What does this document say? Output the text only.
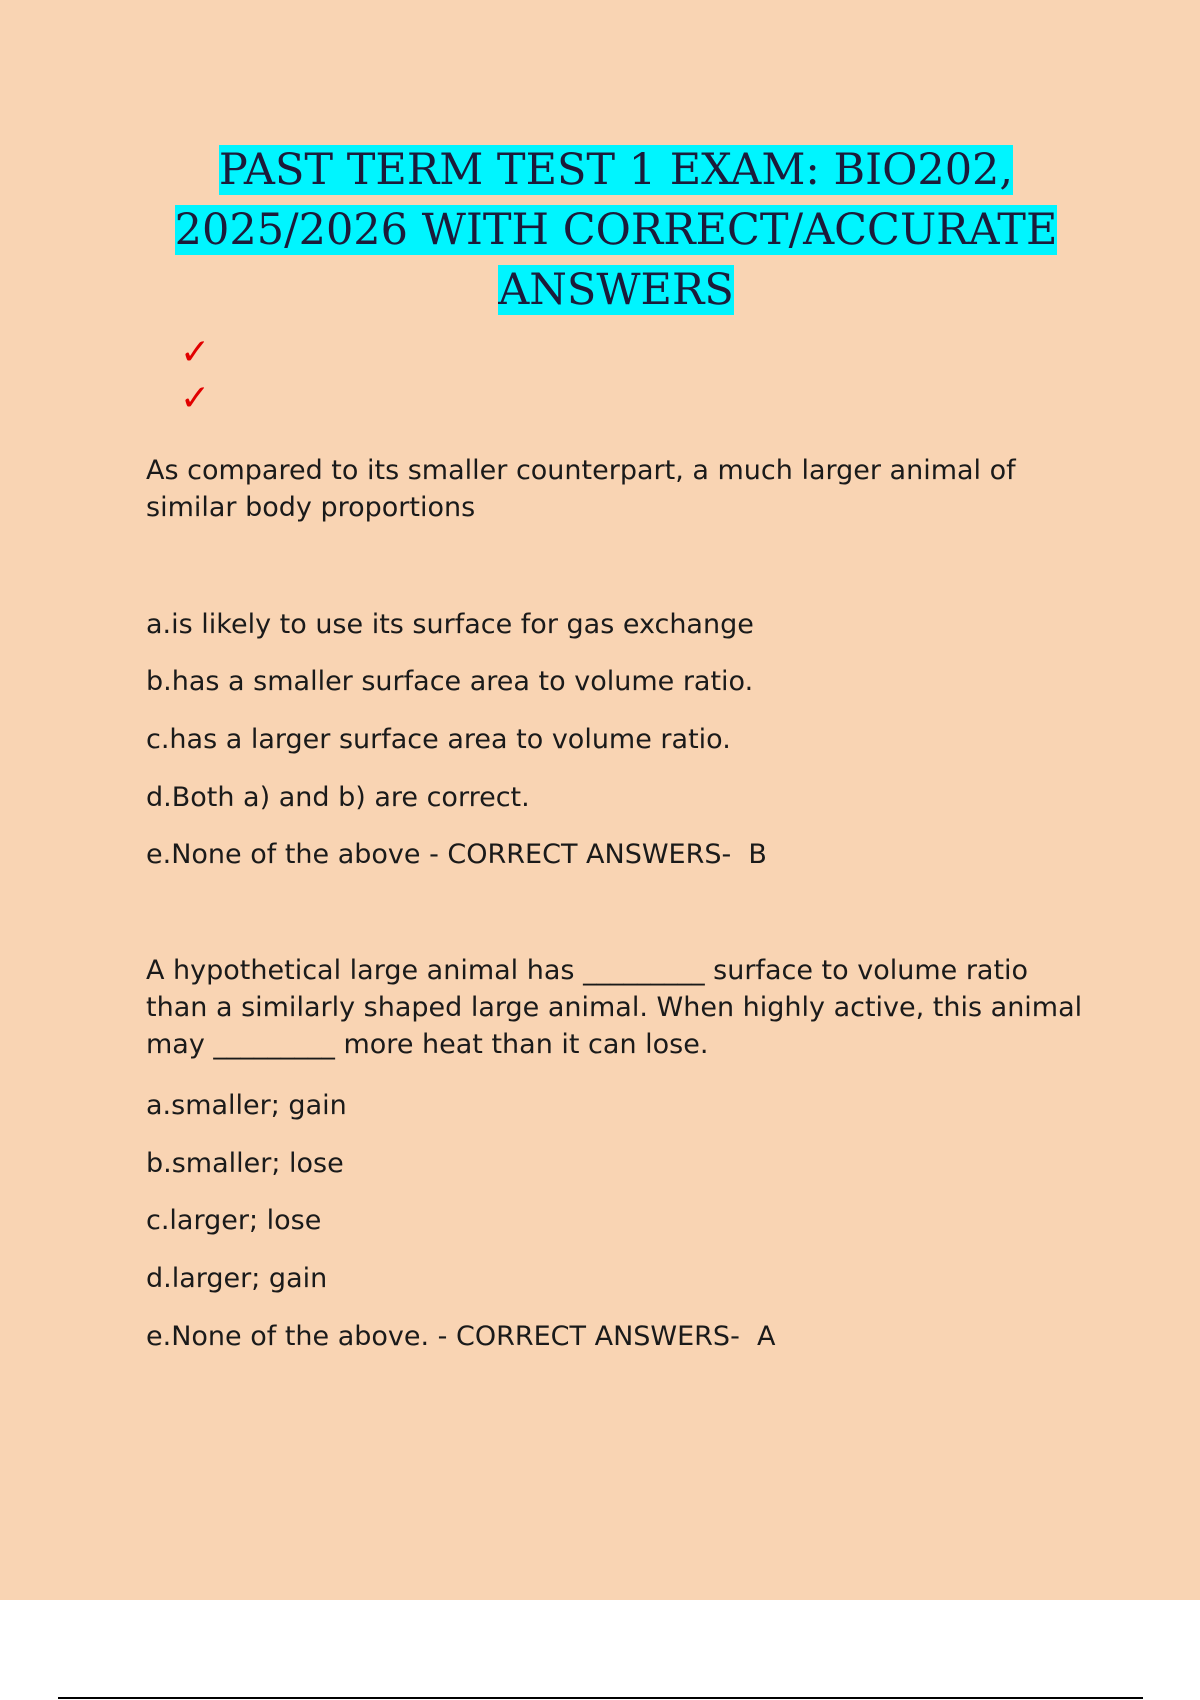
PAST TERM TEST 1 EXAM: BIO202,
2025/2026 WITH CORRECT/ACCURATE
ANSWERS
✓
✓
As compared to its smaller counterpart, a much larger animal of similar body proportions
a.is likely to use its surface for gas exchange
b.has a smaller surface area to volume ratio.
c.has a larger surface area to volume ratio.
d.Both a) and b) are correct.
e.None of the above - CORRECT ANSWERS-  B
A hypothetical large animal has _________ surface to volume ratio than a similarly shaped large animal. When highly active, this animal may _________ more heat than it can lose.
a.smaller; gain
b.smaller; lose
c.larger; lose
d.larger; gain
e.None of the above. - CORRECT ANSWERS-  A
